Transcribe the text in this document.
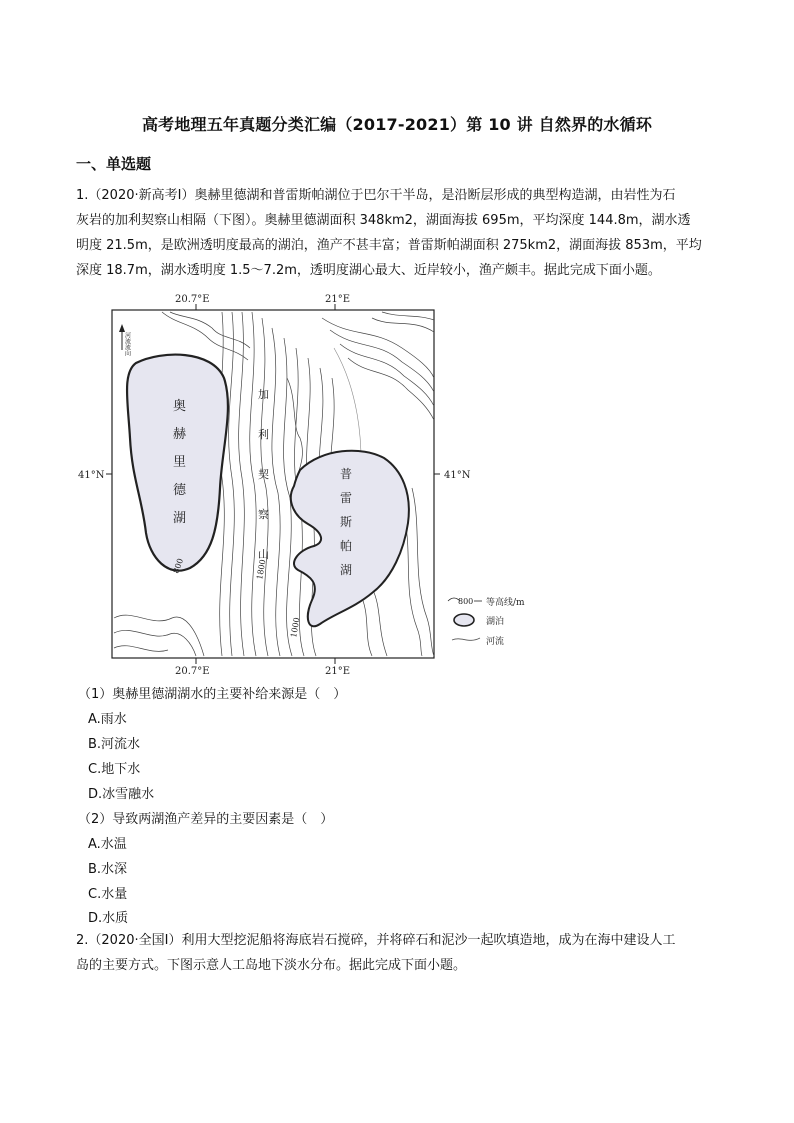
高考地理五年真题分类汇编（2017-2021）第 10 讲 自然界的水循环
一、单选题
1.（2020·新高考Ⅰ）奥赫里德湖和普雷斯帕湖位于巴尔干半岛，是沿断层形成的典型构造湖，由岩性为石
灰岩的加利契察山相隔（下图）。奥赫里德湖面积 348km2，湖面海拔 695m，平均深度 144.8m，湖水透
明度 21.5m，是欧洲透明度最高的湖泊，渔产不甚丰富；普雷斯帕湖面积 275km2，湖面海拔 853m，平均
深度 18.7m，湖水透明度 1.5～7.2m，透明度湖心最大、近岸较小，渔产颇丰。据此完成下面小题。
20.7°E	21°E
20.7°E	21°E
41°N	41°N
河流流向
奥
赫
里
德
湖
普
雷
斯
帕
湖
加
利
契
察
山
800	1800
1000
800 等高线/m
湖泊
河流
（1）奥赫里德湖湖水的主要补给来源是（　）
A.雨水
B.河流水
C.地下水
D.冰雪融水
（2）导致两湖渔产差异的主要因素是（　）
A.水温
B.水深
C.水量
D.水质
2.（2020·全国Ⅰ）利用大型挖泥船将海底岩石搅碎，并将碎石和泥沙一起吹填造地，成为在海中建设人工
岛的主要方式。下图示意人工岛地下淡水分布。据此完成下面小题。
